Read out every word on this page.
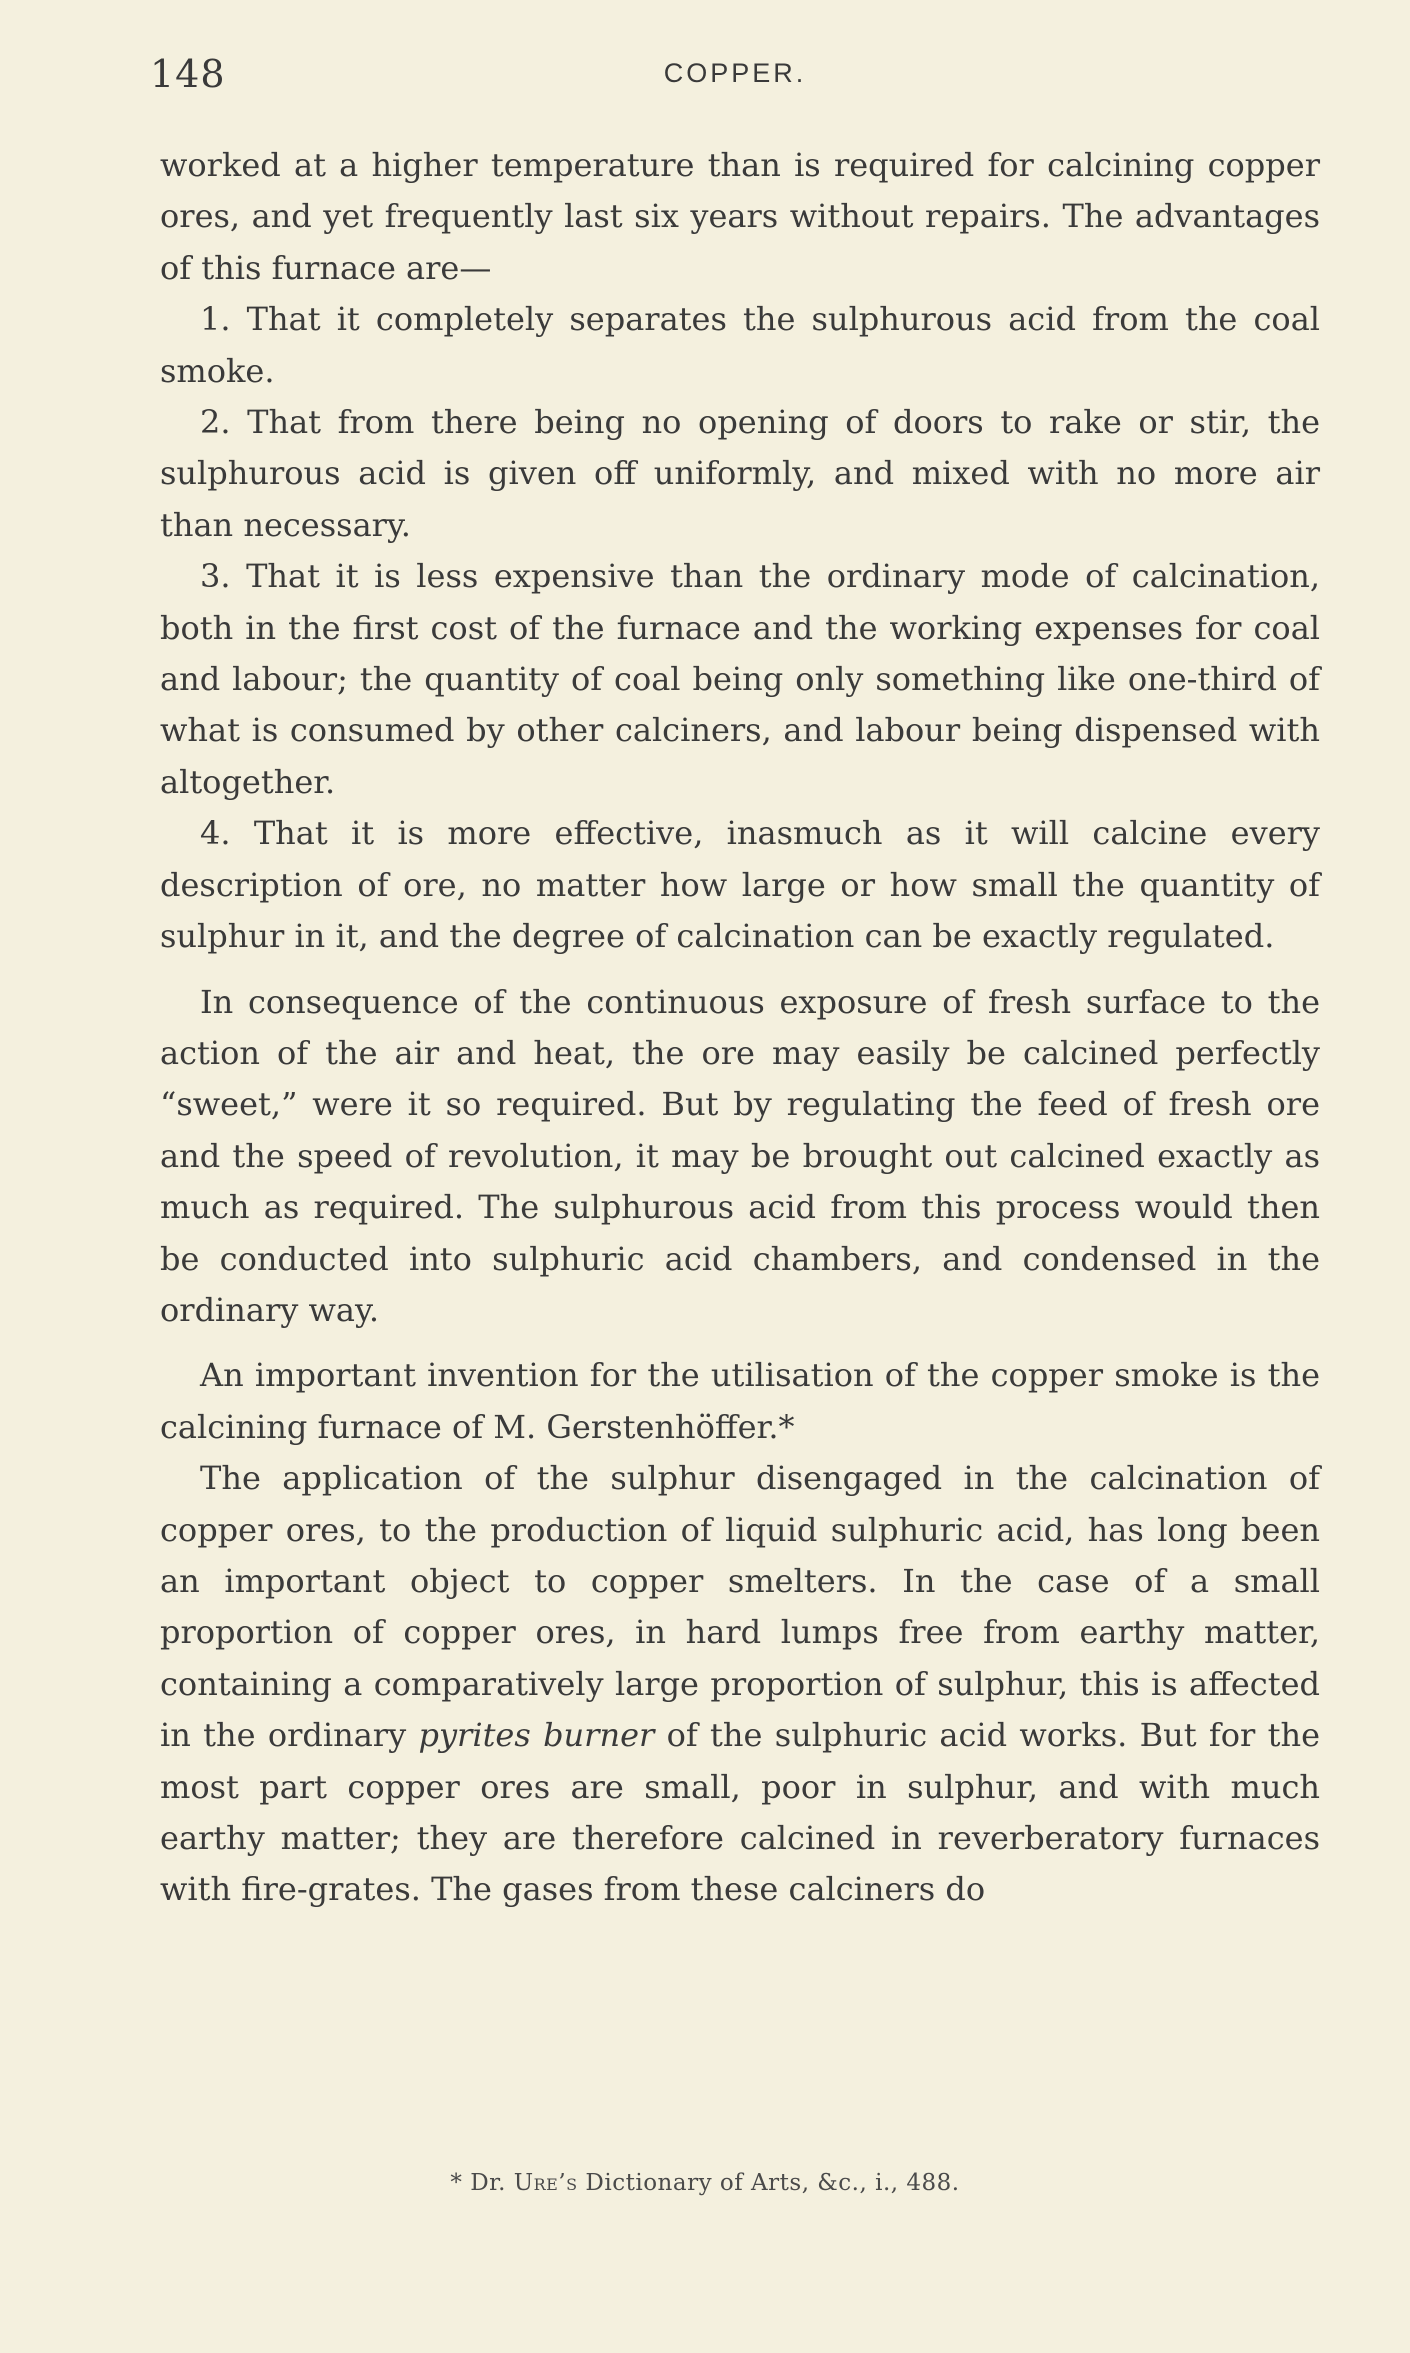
148	COPPER.

worked at a higher temperature than is required for calcining copper ores, and yet frequently last six years without repairs. The advantages of this furnace are—

1. That it completely separates the sulphurous acid from the coal smoke.

2. That from there being no opening of doors to rake or stir, the sulphurous acid is given off uniformly, and mixed with no more air than necessary.

3. That it is less expensive than the ordinary mode of calcination, both in the first cost of the furnace and the working expenses for coal and labour; the quantity of coal being only something like one-third of what is consumed by other calciners, and labour being dispensed with altogether.

4. That it is more effective, inasmuch as it will calcine every description of ore, no matter how large or how small the quantity of sulphur in it, and the degree of calcination can be exactly regulated.

In consequence of the continuous exposure of fresh surface to the action of the air and heat, the ore may easily be calcined perfectly “sweet,” were it so required. But by regulating the feed of fresh ore and the speed of revolution, it may be brought out calcined exactly as much as required. The sulphurous acid from this process would then be conducted into sulphuric acid chambers, and condensed in the ordinary way.

An important invention for the utilisation of the copper smoke is the calcining furnace of M. Gerstenhöffer.*

The application of the sulphur disengaged in the calcination of copper ores, to the production of liquid sulphuric acid, has long been an important object to copper smelters. In the case of a small proportion of copper ores, in hard lumps free from earthy matter, containing a comparatively large proportion of sulphur, this is affected in the ordinary pyrites burner of the sulphuric acid works. But for the most part copper ores are small, poor in sulphur, and with much earthy matter; they are therefore calcined in reverberatory furnaces with fire-grates. The gases from these calciners do

* Dr. Ure’s Dictionary of Arts, &c., i., 488.
